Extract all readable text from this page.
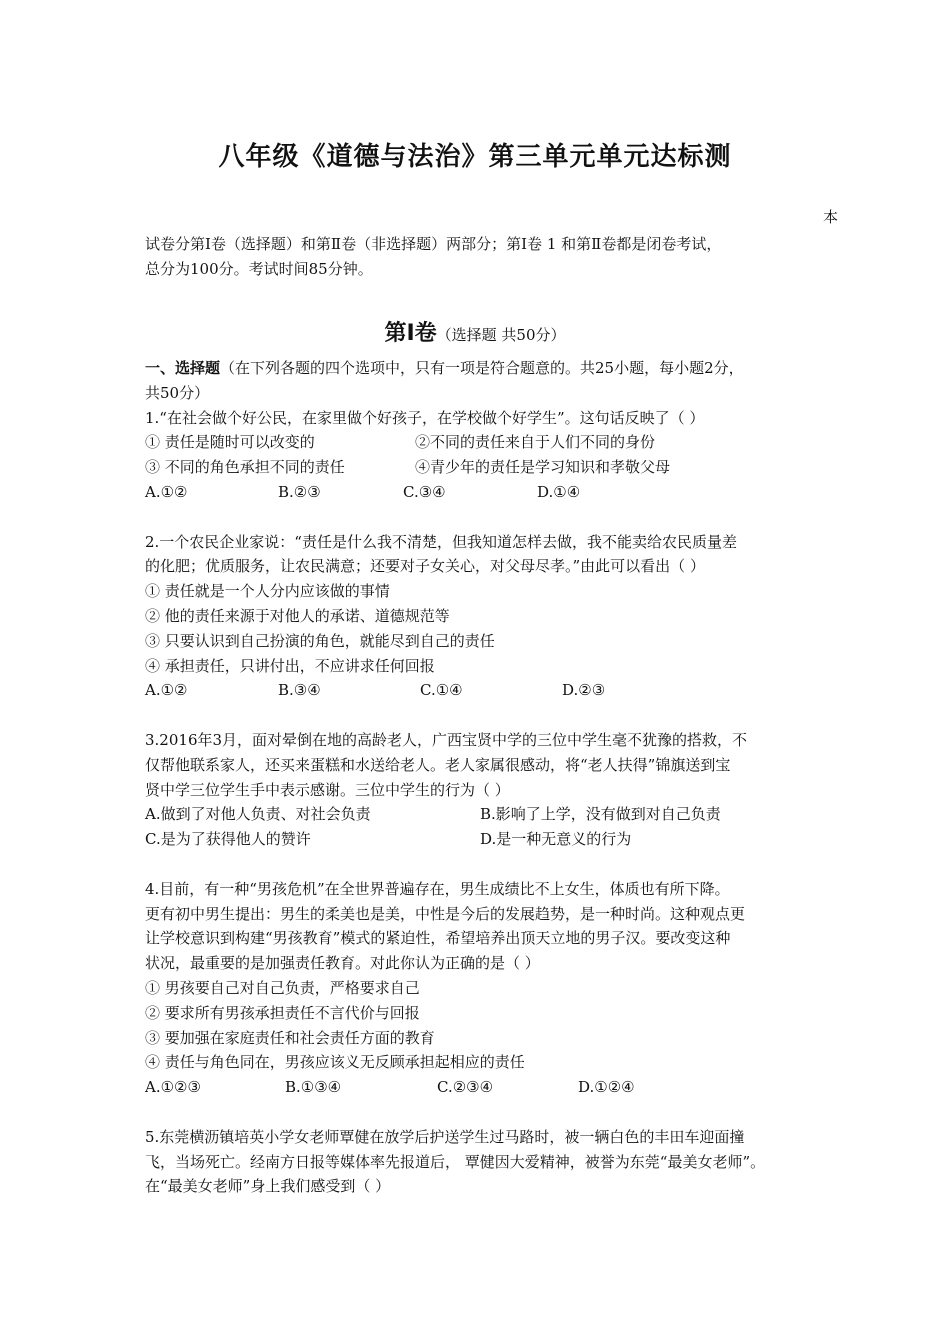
八年级《道德与法治》第三单元单元达标测
本
试卷分第Ⅰ卷（选择题）和第Ⅱ卷（非选择题）两部分；第Ⅰ卷 1 和第Ⅱ卷都是闭卷考试，
总分为100分。考试时间85分钟。
第Ⅰ卷（选择题 共50分）
一、选择题（在下列各题的四个选项中，只有一项是符合题意的。共25小题，每小题2分，
共50分）
1.“在社会做个好公民，在家里做个好孩子，在学校做个好学生”。这句话反映了（ ）
① 责任是随时可以改变的	②不同的责任来自于人们不同的身份
③ 不同的角色承担不同的责任	④青少年的责任是学习知识和孝敬父母
A.①②	B.②③	C.③④	D.①④
2.一个农民企业家说：“责任是什么我不清楚，但我知道怎样去做，我不能卖给农民质量差
的化肥；优质服务，让农民满意；还要对子女关心，对父母尽孝。”由此可以看出（ ）
① 责任就是一个人分内应该做的事情
② 他的责任来源于对他人的承诺、道德规范等
③ 只要认识到自己扮演的角色，就能尽到自己的责任
④ 承担责任，只讲付出，不应讲求任何回报
A.①②	B.③④	C.①④	D.②③
3.2016年3月，面对晕倒在地的高龄老人，广西宝贤中学的三位中学生毫不犹豫的搭救，不
仅帮他联系家人，还买来蛋糕和水送给老人。老人家属很感动，将“老人扶得”锦旗送到宝
贤中学三位学生手中表示感谢。三位中学生的行为（ ）
A.做到了对他人负责、对社会负责	B.影响了上学，没有做到对自己负责
C.是为了获得他人的赞许	D.是一种无意义的行为
4.目前，有一种“男孩危机”在全世界普遍存在，男生成绩比不上女生，体质也有所下降。
更有初中男生提出：男生的柔美也是美，中性是今后的发展趋势，是一种时尚。这种观点更
让学校意识到构建“男孩教育”模式的紧迫性，希望培养出顶天立地的男子汉。要改变这种
状况，最重要的是加强责任教育。对此你认为正确的是（ ）
① 男孩要自己对自己负责，严格要求自己
② 要求所有男孩承担责任不言代价与回报
③ 要加强在家庭责任和社会责任方面的教育
④ 责任与角色同在，男孩应该义无反顾承担起相应的责任
A.①②③	B.①③④	C.②③④	D.①②④
5.东莞横沥镇培英小学女老师覃健在放学后护送学生过马路时，被一辆白色的丰田车迎面撞
飞，当场死亡。经南方日报等媒体率先报道后， 覃健因大爱精神，被誉为东莞“最美女老师”。
在“最美女老师”身上我们感受到（ ）
